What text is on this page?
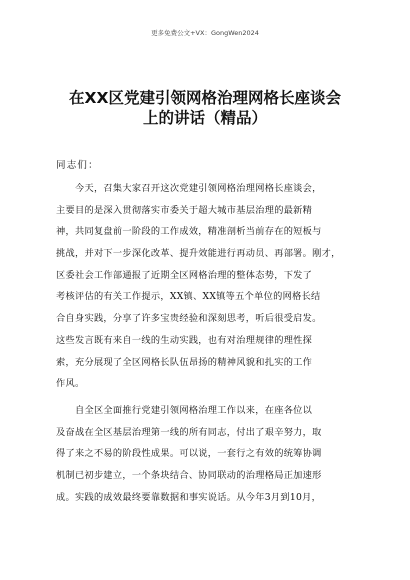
更多免费公文+VX：GongWen2024
在XX区党建引领网格治理网格长座谈会
上的讲话（精品）
同志们：
　　今天，召集大家召开这次党建引领网格治理网格长座谈会，
主要目的是深入贯彻落实市委关于超大城市基层治理的最新精
神，共同复盘前一阶段的工作成效，精准剖析当前存在的短板与
挑战，并对下一步深化改革、提升效能进行再动员、再部署。刚才，
区委社会工作部通报了近期全区网格治理的整体态势，下发了
考核评估的有关工作提示，XX镇、XX镇等五个单位的网格长结
合自身实践，分享了许多宝贵经验和深刻思考，听后很受启发。
这些发言既有来自一线的生动实践，也有对治理规律的理性探
索，充分展现了全区网格长队伍昂扬的精神风貌和扎实的工作
作风。
　　自全区全面推行党建引领网格治理工作以来，在座各位以
及奋战在全区基层治理第一线的所有同志，付出了艰辛努力，取
得了来之不易的阶段性成果。可以说，一套行之有效的统筹协调
机制已初步建立，一个条块结合、协同联动的治理格局正加速形
成。实践的成效最终要靠数据和事实说话。从今年3月到10月，
